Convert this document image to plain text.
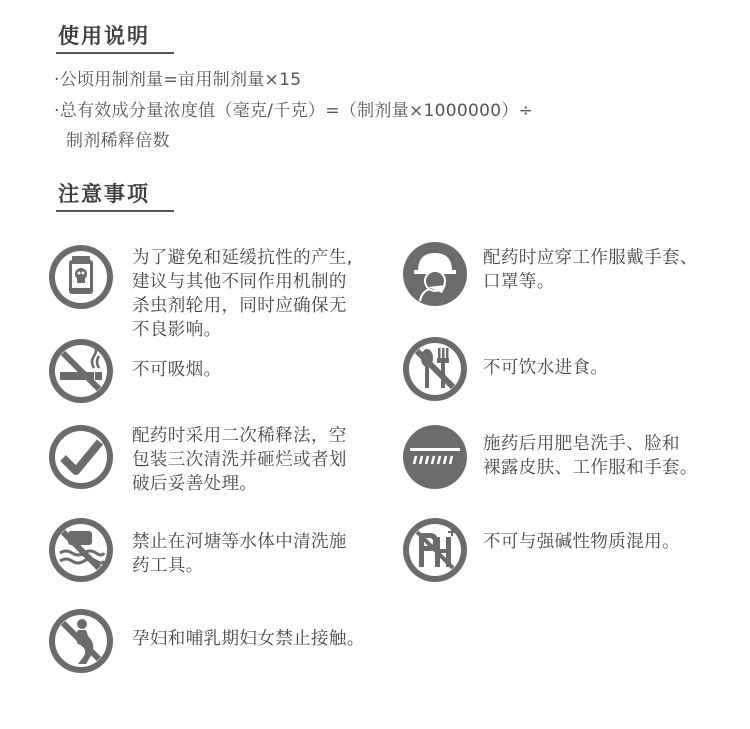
使用说明
·公顷用制剂量=亩用制剂量×15
·总有效成分量浓度值（毫克/千克）=（制剂量×1000000）÷
制剂稀释倍数
注意事项
为了避免和延缓抗性的产生,
建议与其他不同作用机制的
杀虫剂轮用，同时应确保无
不良影响。
配药时应穿工作服戴手套、
口罩等。
不可吸烟。	不可饮水进食。
配药时采用二次稀释法，空
包装三次清洗并砸烂或者划
破后妥善处理。
施药后用肥皂洗手、脸和
裸露皮肤、工作服和手套。
禁止在河塘等水体中清洗施
药工具。
不可与强碱性物质混用。
孕妇和哺乳期妇女禁止接触。
